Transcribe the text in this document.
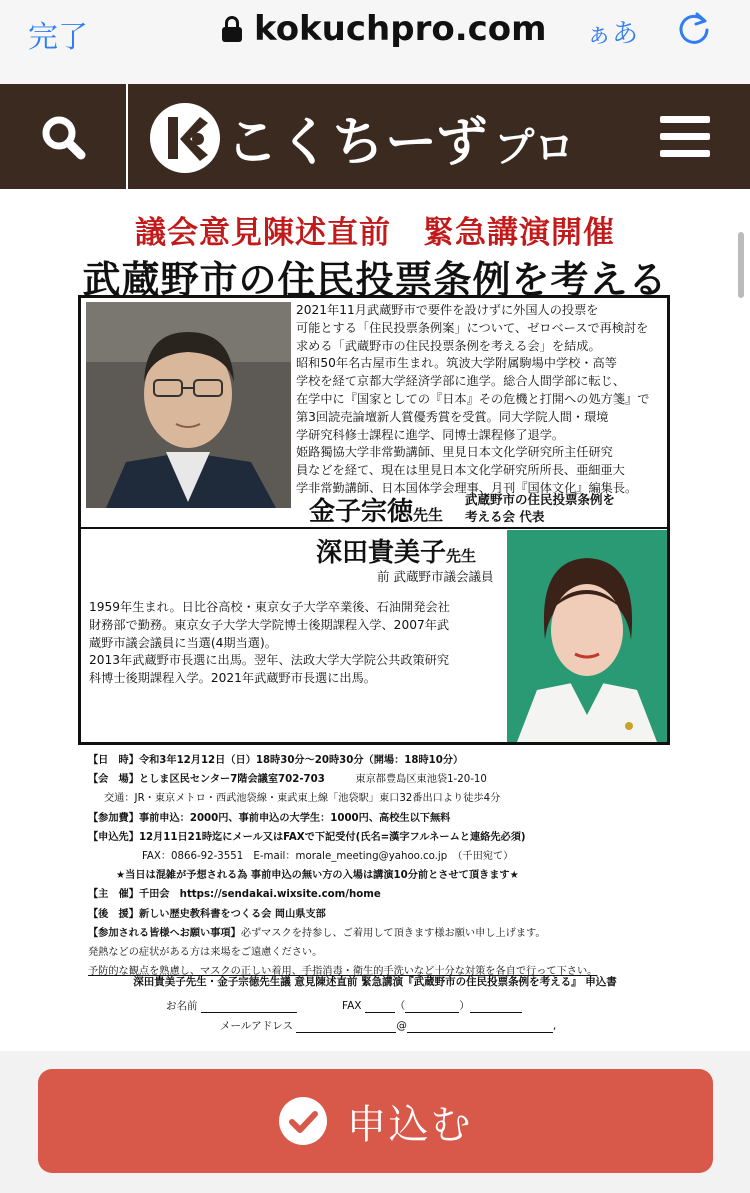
完了	kokuchpro.com ぁあ
こくちーず プロ
議会意見陳述直前　緊急講演開催
武蔵野市の住民投票条例を考える
2021年11月武蔵野市で要件を設けずに外国人の投票を
可能とする「住民投票条例案」について、ゼロベースで再検討を
求める「武蔵野市の住民投票条例を考える会」を結成。
昭和50年名古屋市生まれ。筑波大学附属駒場中学校・高等
学校を経て京都大学経済学部に進学。総合人間学部に転じ、
在学中に『国家としての『日本』その危機と打開への処方箋』で
第3回読売論壇新人賞優秀賞を受賞。同大学院人間・環境
学研究科修士課程に進学、同博士課程修了退学。
姫路獨協大学非常勤講師、里見日本文化学研究所主任研究
員などを経て、現在は里見日本文化学研究所所長、亜細亜大
学非常勤講師、日本国体学会理事、月刊『国体文化』編集長。
金子宗徳先生
武蔵野市の住民投票条例を
考える会 代表
深田貴美子先生
前 武蔵野市議会議員
1959年生まれ。日比谷高校・東京女子大学卒業後、石油開発会社
財務部で勤務。東京女子大学大学院博士後期課程入学、2007年武
蔵野市議会議員に当選(4期当選)。
2013年武蔵野市長選に出馬。翌年、法政大学大学院公共政策研究
科博士後期課程入学。2021年武蔵野市長選に出馬。
【日　時】令和3年12月12日（日）18時30分～20時30分（開場：18時10分）
【会　場】としま区民センター7階会議室702-703　　　	東京都豊島区東池袋1-20-10
交通：JR・東京メトロ・西武池袋線・東武東上線「池袋駅」東口32番出口より徒歩4分
【参加費】事前申込：2000円、事前申込の大学生：1000円、高校生以下無料
【申込先】12月11日21時迄にメール又はFAXで下記受付(氏名=漢字フルネームと連絡先必須)
FAX：0866-92-3551　E-mail：morale_meeting@yahoo.co.jp　（千田宛て）
★当日は混雑が予想される為 事前申込の無い方の入場は講演10分前とさせて頂きます★
【主　催】千田会　https://sendakai.wixsite.com/home
【後　援】新しい歴史教科書をつくる会 岡山県支部
【参加される皆様へお願い事項】必ずマスクを持参し、ご着用して頂きます様お願い申し上げます。
発熱などの症状がある方は来場をご遠慮ください。
予防的な観点を熟慮し、マスクの正しい着用、手指消毒・衛生的手洗いなど十分な対策を各自で行って下さい。
深田貴美子先生・金子宗徳先生議 意見陳述直前 緊急講演『武蔵野市の住民投票条例を考える』 申込書
お名前	FAX	（	）
メールアドレス	@	,
申込む
